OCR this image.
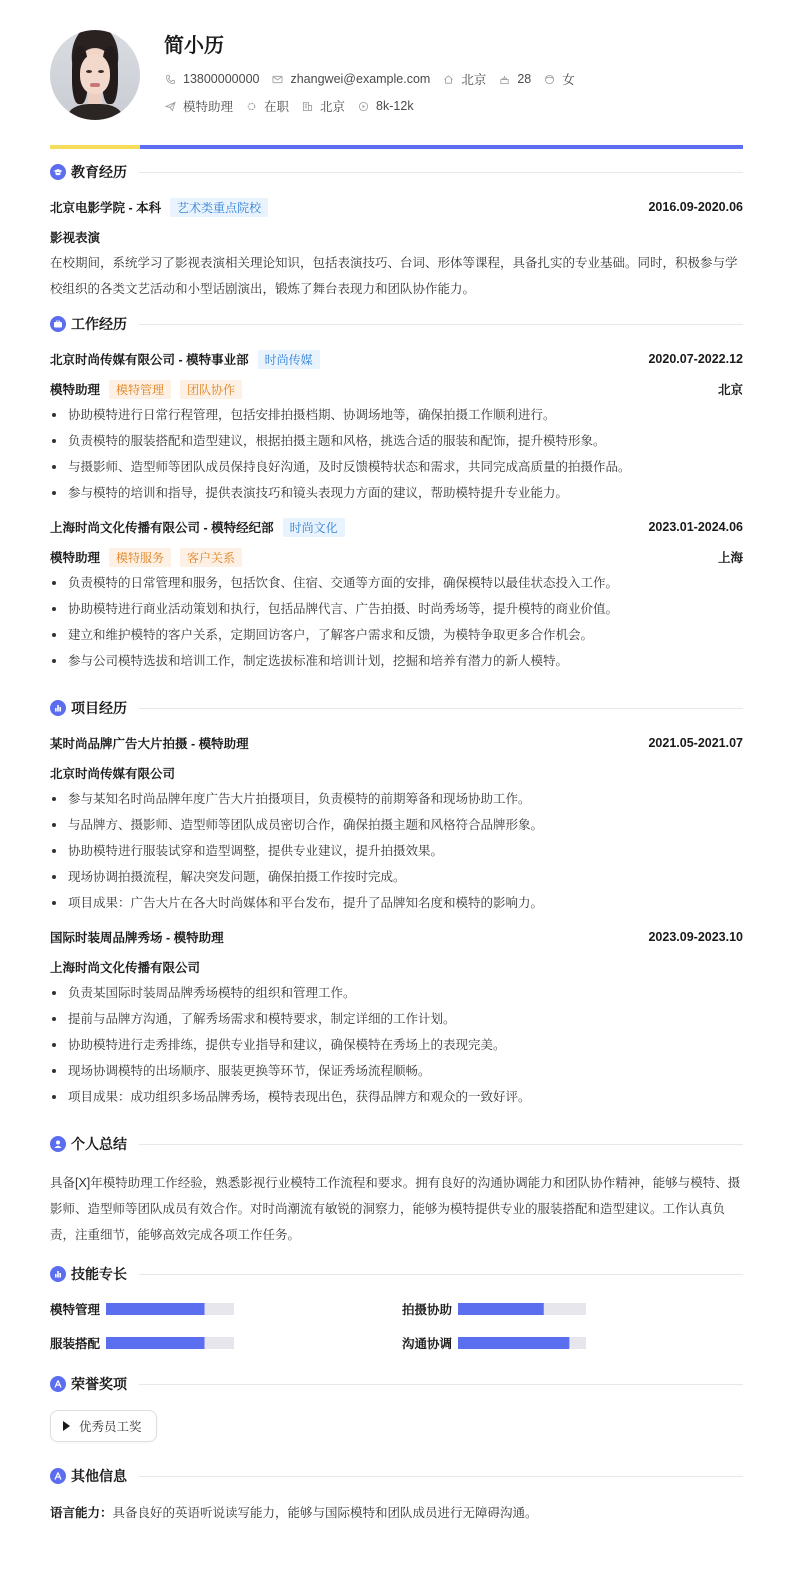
简小历
13800000000 zhangwei@example.com 北京 28 女
模特助理 在职 北京 8k-12k
教育经历
北京电影学院 - 本科	艺术类重点院校	2016.09-2020.06
影视表演
在校期间，系统学习了影视表演相关理论知识，包括表演技巧、台词、形体等课程，具备扎实的专业基础。同时，积极参与学校组织的各类文艺活动和小型话剧演出，锻炼了舞台表现力和团队协作能力。
工作经历
北京时尚传媒有限公司 - 模特事业部	时尚传媒	2020.07-2022.12
模特助理	模特管理	团队协作	北京
协助模特进行日常行程管理，包括安排拍摄档期、协调场地等，确保拍摄工作顺利进行。
负责模特的服装搭配和造型建议，根据拍摄主题和风格，挑选合适的服装和配饰，提升模特形象。
与摄影师、造型师等团队成员保持良好沟通，及时反馈模特状态和需求，共同完成高质量的拍摄作品。
参与模特的培训和指导，提供表演技巧和镜头表现力方面的建议，帮助模特提升专业能力。
上海时尚文化传播有限公司 - 模特经纪部	时尚文化	2023.01-2024.06
模特助理	模特服务	客户关系	上海
负责模特的日常管理和服务，包括饮食、住宿、交通等方面的安排，确保模特以最佳状态投入工作。
协助模特进行商业活动策划和执行，包括品牌代言、广告拍摄、时尚秀场等，提升模特的商业价值。
建立和维护模特的客户关系，定期回访客户，了解客户需求和反馈，为模特争取更多合作机会。
参与公司模特选拔和培训工作，制定选拔标准和培训计划，挖掘和培养有潜力的新人模特。
项目经历
某时尚品牌广告大片拍摄 - 模特助理	2021.05-2021.07
北京时尚传媒有限公司
参与某知名时尚品牌年度广告大片拍摄项目，负责模特的前期筹备和现场协助工作。
与品牌方、摄影师、造型师等团队成员密切合作，确保拍摄主题和风格符合品牌形象。
协助模特进行服装试穿和造型调整，提供专业建议，提升拍摄效果。
现场协调拍摄流程，解决突发问题，确保拍摄工作按时完成。
项目成果：广告大片在各大时尚媒体和平台发布，提升了品牌知名度和模特的影响力。
国际时装周品牌秀场 - 模特助理	2023.09-2023.10
上海时尚文化传播有限公司
负责某国际时装周品牌秀场模特的组织和管理工作。
提前与品牌方沟通，了解秀场需求和模特要求，制定详细的工作计划。
协助模特进行走秀排练，提供专业指导和建议，确保模特在秀场上的表现完美。
现场协调模特的出场顺序、服装更换等环节，保证秀场流程顺畅。
项目成果：成功组织多场品牌秀场，模特表现出色，获得品牌方和观众的一致好评。
个人总结
具备[X]年模特助理工作经验，熟悉影视行业模特工作流程和要求。拥有良好的沟通协调能力和团队协作精神，能够与模特、摄影师、造型师等团队成员有效合作。对时尚潮流有敏锐的洞察力，能够为模特提供专业的服装搭配和造型建议。工作认真负责，注重细节，能够高效完成各项工作任务。
技能专长
模特管理	拍摄协助
服装搭配	沟通协调
荣誉奖项
优秀员工奖
其他信息
语言能力：具备良好的英语听说读写能力，能够与国际模特和团队成员进行无障碍沟通。
